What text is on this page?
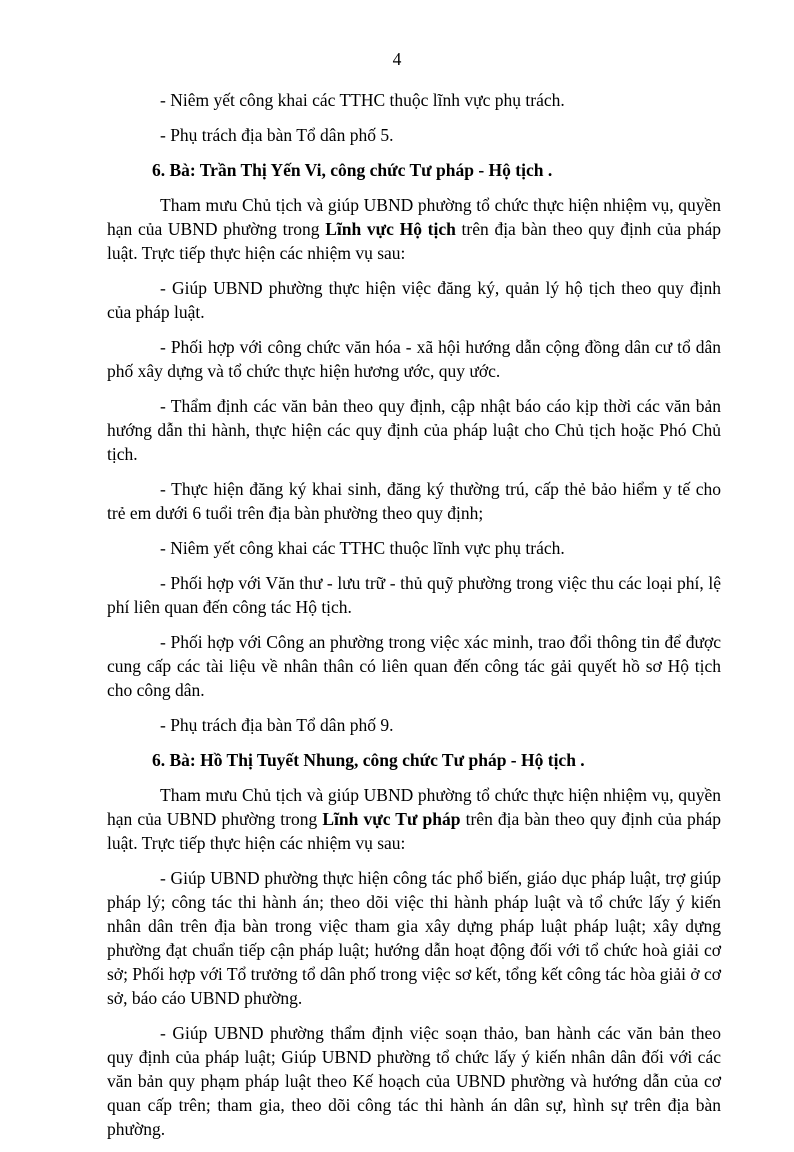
4

- Niêm yết công khai các TTHC thuộc lĩnh vực phụ trách.

- Phụ trách địa bàn Tổ dân phố 5.

6. Bà: Trần Thị Yến Vi, công chức Tư pháp - Hộ tịch .

Tham mưu Chủ tịch và giúp UBND phường tổ chức thực hiện nhiệm vụ, quyền hạn của UBND phường trong Lĩnh vực Hộ tịch trên địa bàn theo quy định của pháp luật. Trực tiếp thực hiện các nhiệm vụ sau:

- Giúp UBND phường thực hiện việc đăng ký, quản lý hộ tịch theo quy định của pháp luật.

- Phối hợp với công chức văn hóa - xã hội hướng dẫn cộng đồng dân cư tổ dân phố xây dựng và tổ chức thực hiện hương ước, quy ước.

- Thẩm định các văn bản theo quy định, cập nhật báo cáo kịp thời các văn bản hướng dẫn thi hành, thực hiện các quy định của pháp luật cho Chủ tịch hoặc Phó Chủ tịch.

- Thực hiện đăng ký khai sinh, đăng ký thường trú, cấp thẻ bảo hiểm y tế cho trẻ em dưới 6 tuổi trên địa bàn phường theo quy định;

- Niêm yết công khai các TTHC thuộc lĩnh vực phụ trách.

- Phối hợp với Văn thư - lưu trữ - thủ quỹ phường trong việc thu các loại phí, lệ phí liên quan đến công tác Hộ tịch.

- Phối hợp với Công an phường trong việc xác minh, trao đổi thông tin để được cung cấp các tài liệu về nhân thân có liên quan đến công tác gải quyết hồ sơ Hộ tịch cho công dân.

- Phụ trách địa bàn Tổ dân phố 9.

6. Bà: Hồ Thị Tuyết Nhung, công chức Tư pháp - Hộ tịch .

Tham mưu Chủ tịch và giúp UBND phường tổ chức thực hiện nhiệm vụ, quyền hạn của UBND phường trong Lĩnh vực Tư pháp trên địa bàn theo quy định của pháp luật. Trực tiếp thực hiện các nhiệm vụ sau:

- Giúp UBND phường thực hiện công tác phổ biến, giáo dục pháp luật, trợ giúp pháp lý; công tác thi hành án; theo dõi việc thi hành pháp luật và tổ chức lấy ý kiến nhân dân trên địa bàn trong việc tham gia xây dựng pháp luật pháp luật; xây dựng phường đạt chuẩn tiếp cận pháp luật; hướng dẫn hoạt động đối với tổ chức hoà giải cơ sở; Phối hợp với Tổ trưởng tổ dân phố trong việc sơ kết, tổng kết công tác hòa giải ở cơ sở, báo cáo UBND phường.

- Giúp UBND phường thẩm định việc soạn thảo, ban hành các văn bản theo quy định của pháp luật; Giúp UBND phường tổ chức lấy ý kiến nhân dân đối với các văn bản quy phạm pháp luật theo Kế hoạch của UBND phường và hướng dẫn của cơ quan cấp trên; tham gia, theo dõi công tác thi hành án dân sự, hình sự trên địa bàn phường.
